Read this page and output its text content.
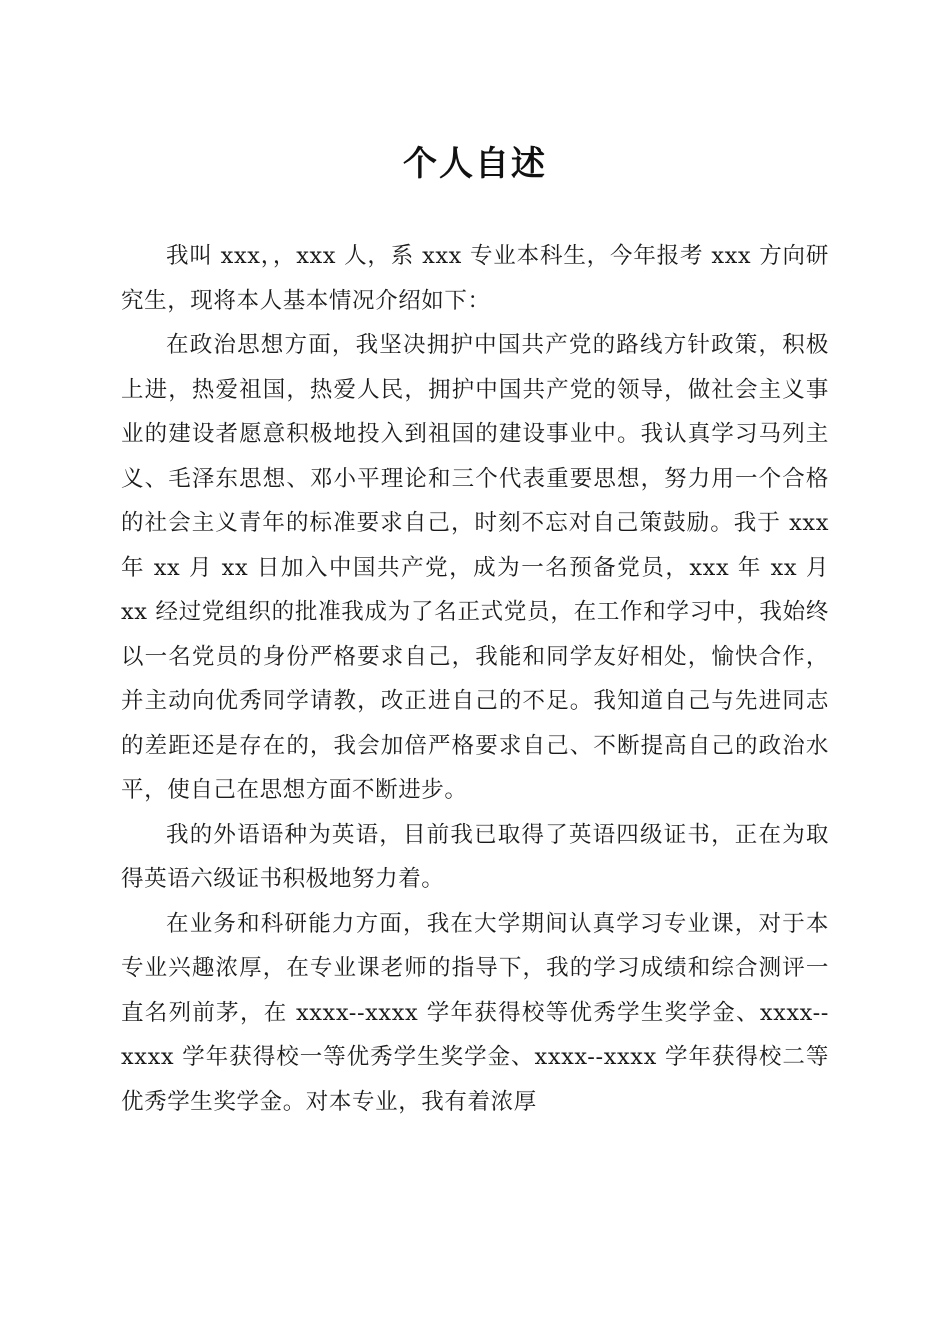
个人自述

我叫 xxx，，xxx 人，系 xxx 专业本科生，今年报考 xxx 方向研究生，现将本人基本情况介绍如下：

在政治思想方面，我坚决拥护中国共产党的路线方针政策，积极上进，热爱祖国，热爱人民，拥护中国共产党的领导，做社会主义事业的建设者愿意积极地投入到祖国的建设事业中。我认真学习马列主义、毛泽东思想、邓小平理论和三个代表重要思想，努力用一个合格的社会主义青年的标准要求自己，时刻不忘对自己策鼓励。我于 xxx 年 xx 月 xx 日加入中国共产党，成为一名预备党员，xxx 年 xx 月 xx 经过党组织的批准我成为了名正式党员，在工作和学习中，我始终以一名党员的身份严格要求自己，我能和同学友好相处，愉快合作，并主动向优秀同学请教，改正进自己的不足。我知道自己与先进同志的差距还是存在的，我会加倍严格要求自己、不断提高自己的政治水平，使自己在思想方面不断进步。

我的外语语种为英语，目前我已取得了英语四级证书，正在为取得英语六级证书积极地努力着。

在业务和科研能力方面，我在大学期间认真学习专业课，对于本专业兴趣浓厚，在专业课老师的指导下，我的学习成绩和综合测评一直名列前茅，在 xxxx--xxxx 学年获得校等优秀学生奖学金、xxxx--xxxx 学年获得校一等优秀学生奖学金、xxxx--xxxx 学年获得校二等优秀学生奖学金。对本专业，我有着浓厚
